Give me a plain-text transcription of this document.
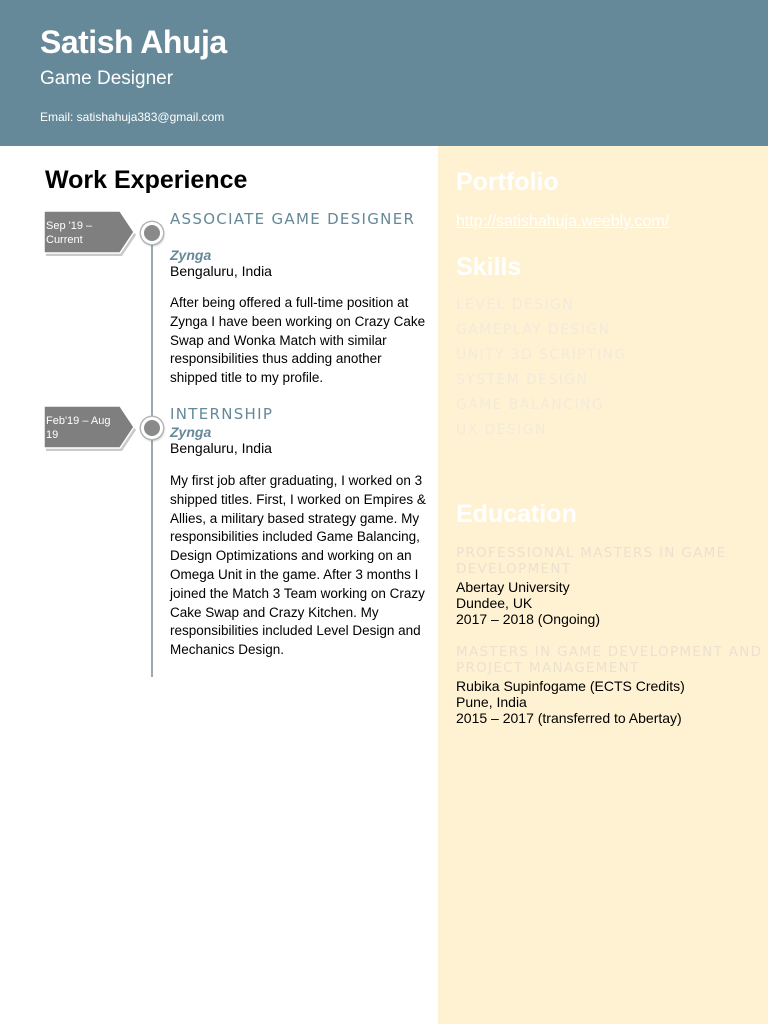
Satish Ahuja
Game Designer
Email: satishahuja383@gmail.com
Work Experience
Sep '19 – Current
ASSOCIATE GAME DESIGNER
Zynga
Bengaluru, India
After being offered a full-time position at Zynga I have been working on Crazy Cake Swap and Wonka Match with similar responsibilities thus adding another shipped title to my profile.
Feb'19 – Aug 19
INTERNSHIP
Zynga
Bengaluru, India
My first job after graduating, I worked on 3 shipped titles. First, I worked on Empires & Allies, a military based strategy game. My responsibilities included Game Balancing, Design Optimizations and working on an Omega Unit in the game. After 3 months I joined the Match 3 Team working on Crazy Cake Swap and Crazy Kitchen. My responsibilities included Level Design and Mechanics Design.
Portfolio
http://satishahuja.weebly.com/
Skills
LEVEL DESIGN
GAMEPLAY DESIGN
UNITY 3D SCRIPTING
SYSTEM DESIGN
GAME BALANCING
UX DESIGN
Education
PROFESSIONAL MASTERS IN GAME DEVELOPMENT
Abertay University
Dundee, UK
2017 – 2018 (Ongoing)
MASTERS IN GAME DEVELOPMENT AND PROJECT MANAGEMENT
Rubika Supinfogame (ECTS Credits)
Pune, India
2015 – 2017 (transferred to Abertay)
